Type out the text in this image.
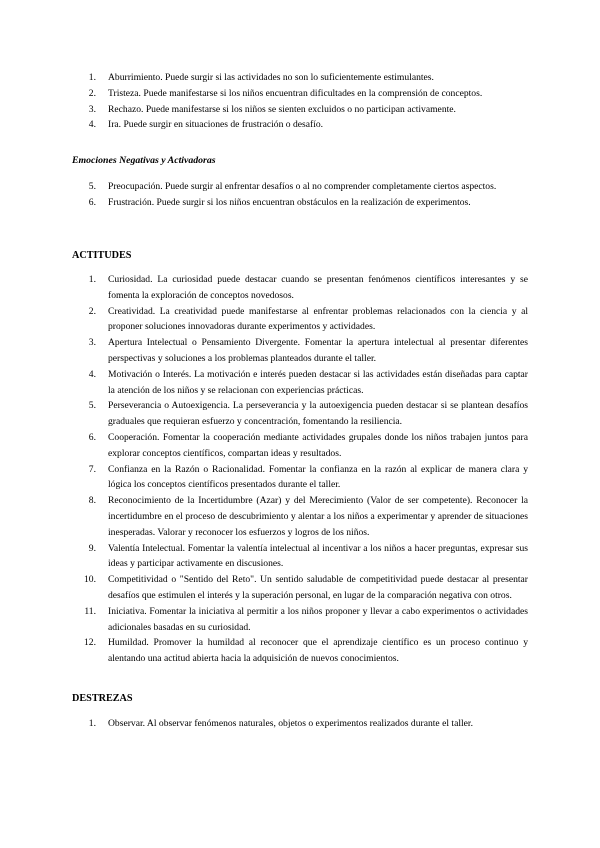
1. Aburrimiento. Puede surgir si las actividades no son lo suficientemente estimulantes.
2. Tristeza. Puede manifestarse si los niños encuentran dificultades en la comprensión de conceptos.
3. Rechazo. Puede manifestarse si los niños se sienten excluidos o no participan activamente.
4. Ira. Puede surgir en situaciones de frustración o desafío.
Emociones Negativas y Activadoras
5. Preocupación. Puede surgir al enfrentar desafíos o al no comprender completamente ciertos aspectos.
6. Frustración. Puede surgir si los niños encuentran obstáculos en la realización de experimentos.
ACTITUDES
1. Curiosidad. La curiosidad puede destacar cuando se presentan fenómenos científicos interesantes y se fomenta la exploración de conceptos novedosos.
2. Creatividad. La creatividad puede manifestarse al enfrentar problemas relacionados con la ciencia y al proponer soluciones innovadoras durante experimentos y actividades.
3. Apertura Intelectual o Pensamiento Divergente. Fomentar la apertura intelectual al presentar diferentes perspectivas y soluciones a los problemas planteados durante el taller.
4. Motivación o Interés. La motivación e interés pueden destacar si las actividades están diseñadas para captar la atención de los niños y se relacionan con experiencias prácticas.
5. Perseverancia o Autoexigencia. La perseverancia y la autoexigencia pueden destacar si se plantean desafíos graduales que requieran esfuerzo y concentración, fomentando la resiliencia.
6. Cooperación. Fomentar la cooperación mediante actividades grupales donde los niños trabajen juntos para explorar conceptos científicos, compartan ideas y resultados.
7. Confianza en la Razón o Racionalidad. Fomentar la confianza en la razón al explicar de manera clara y lógica los conceptos científicos presentados durante el taller.
8. Reconocimiento de la Incertidumbre (Azar) y del Merecimiento (Valor de ser competente). Reconocer la incertidumbre en el proceso de descubrimiento y alentar a los niños a experimentar y aprender de situaciones inesperadas. Valorar y reconocer los esfuerzos y logros de los niños.
9. Valentía Intelectual. Fomentar la valentía intelectual al incentivar a los niños a hacer preguntas, expresar sus ideas y participar activamente en discusiones.
10. Competitividad o "Sentido del Reto". Un sentido saludable de competitividad puede destacar al presentar desafíos que estimulen el interés y la superación personal, en lugar de la comparación negativa con otros.
11. Iniciativa. Fomentar la iniciativa al permitir a los niños proponer y llevar a cabo experimentos o actividades adicionales basadas en su curiosidad.
12. Humildad. Promover la humildad al reconocer que el aprendizaje científico es un proceso continuo y alentando una actitud abierta hacia la adquisición de nuevos conocimientos.
DESTREZAS
1. Observar. Al observar fenómenos naturales, objetos o experimentos realizados durante el taller.
